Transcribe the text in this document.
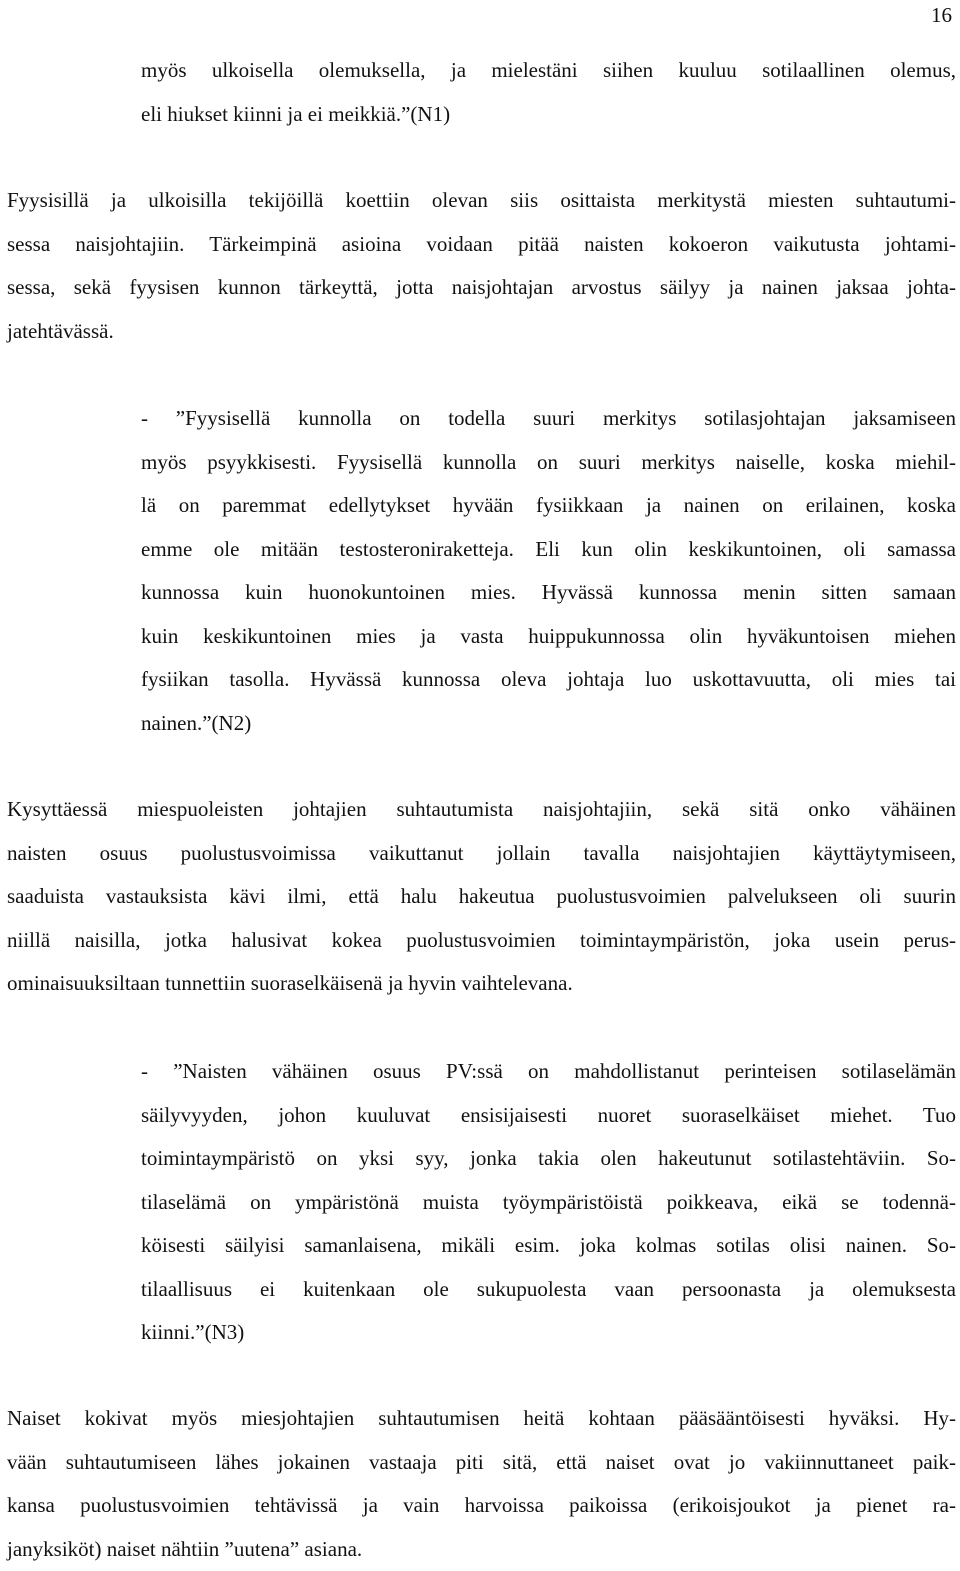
16
myös ulkoisella olemuksella, ja mielestäni siihen kuuluu sotilaallinen olemus,
eli hiukset kiinni ja ei meikkiä.”(N1)
Fyysisillä ja ulkoisilla tekijöillä koettiin olevan siis osittaista merkitystä miesten suhtautumi-
sessa naisjohtajiin. Tärkeimpinä asioina voidaan pitää naisten kokoeron vaikutusta johtami-
sessa, sekä fyysisen kunnon tärkeyttä, jotta naisjohtajan arvostus säilyy ja nainen jaksaa johta-
jatehtävässä.
- ”Fyysisellä kunnolla on todella suuri merkitys sotilasjohtajan jaksamiseen
myös psyykkisesti. Fyysisellä kunnolla on suuri merkitys naiselle, koska miehil-
lä on paremmat edellytykset hyvään fysiikkaan ja nainen on erilainen, koska
emme ole mitään testosteroniraketteja. Eli kun olin keskikuntoinen, oli samassa
kunnossa kuin huonokuntoinen mies. Hyvässä kunnossa menin sitten samaan
kuin keskikuntoinen mies ja vasta huippukunnossa olin hyväkuntoisen miehen
fysiikan tasolla. Hyvässä kunnossa oleva johtaja luo uskottavuutta, oli mies tai
nainen.”(N2)
Kysyttäessä miespuoleisten johtajien suhtautumista naisjohtajiin, sekä sitä onko vähäinen
naisten osuus puolustusvoimissa vaikuttanut jollain tavalla naisjohtajien käyttäytymiseen,
saaduista vastauksista kävi ilmi, että halu hakeutua puolustusvoimien palvelukseen oli suurin
niillä naisilla, jotka halusivat kokea puolustusvoimien toimintaympäristön, joka usein perus-
ominaisuuksiltaan tunnettiin suoraselkäisenä ja hyvin vaihtelevana.
- ”Naisten vähäinen osuus PV:ssä on mahdollistanut perinteisen sotilaselämän
säilyvyyden, johon kuuluvat ensisijaisesti nuoret suoraselkäiset miehet. Tuo
toimintaympäristö on yksi syy, jonka takia olen hakeutunut sotilastehtäviin. So-
tilaselämä on ympäristönä muista työympäristöistä poikkeava, eikä se todennä-
köisesti säilyisi samanlaisena, mikäli esim. joka kolmas sotilas olisi nainen. So-
tilaallisuus ei kuitenkaan ole sukupuolesta vaan persoonasta ja olemuksesta
kiinni.”(N3)
Naiset kokivat myös miesjohtajien suhtautumisen heitä kohtaan pääsääntöisesti hyväksi. Hy-
vään suhtautumiseen lähes jokainen vastaaja piti sitä, että naiset ovat jo vakiinnuttaneet paik-
kansa puolustusvoimien tehtävissä ja vain harvoissa paikoissa (erikoisjoukot ja pienet ra-
janyksiköt) naiset nähtiin ”uutena” asiana.
